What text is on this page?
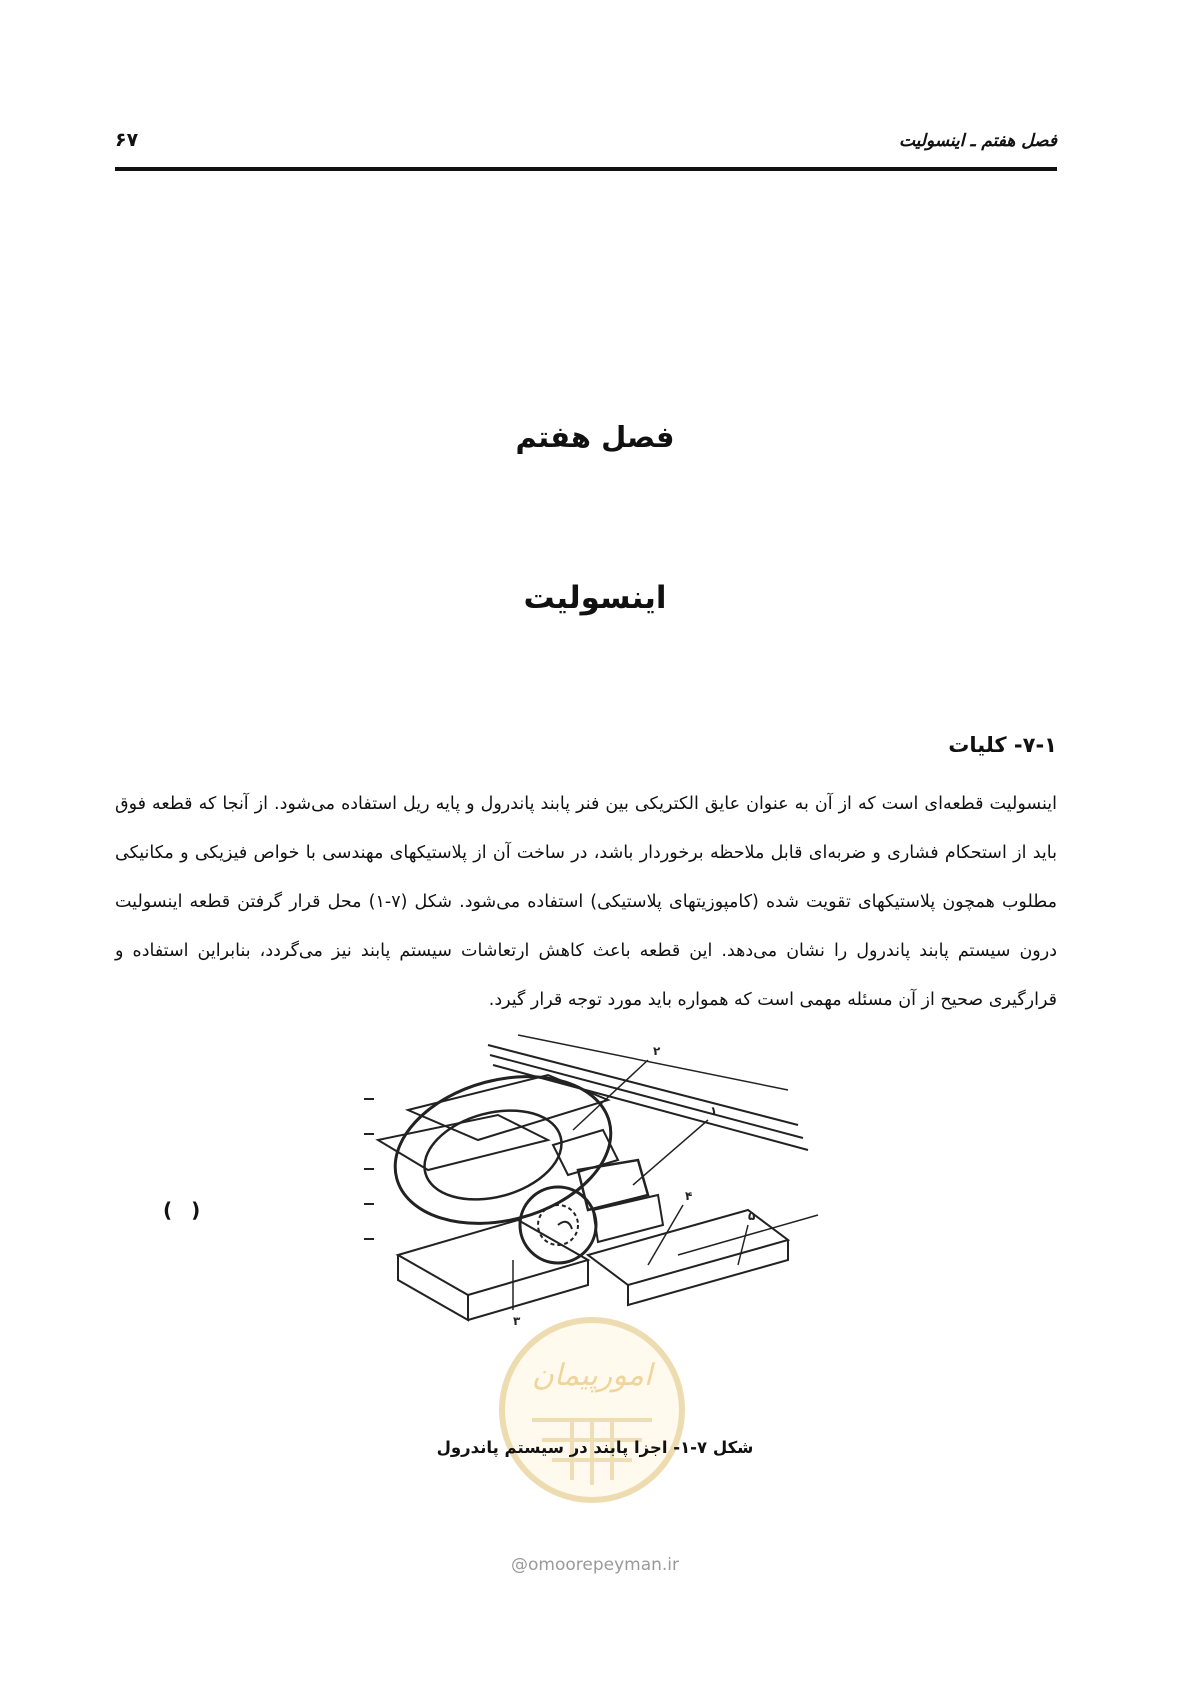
۶۷	فصل هفتم ـ اینسولیت
فصل هفتم
اینسولیت
۷-۱- کلیات
اینسولیت قطعه‌ای است که از آن به عنوان عایق الکتریکی بین فنر پابند پاندرول و پایه ریل استفاده می‌شود. از آنجا که قطعه فوق باید از استحکام فشاری و ضربه‌ای قابل ملاحظه برخوردار باشد، در ساخت آن از پلاستیکهای مهندسی با خواص فیزیکی و مکانیکی مطلوب همچون پلاستیکهای تقویت شده (کامپوزیتهای پلاستیکی) استفاده می‌شود. شکل (۷-۱) محل قرار گرفتن قطعه اینسولیت درون سیستم پابند پاندرول را نشان می‌دهد. این قطعه باعث کاهش ارتعاشات سیستم پابند نیز می‌گردد، بنابراین استفاده و قرارگیری صحیح از آن مسئله مهمی است که همواره باید مورد توجه قرار گیرد.
( )
۲
۱
۳
۴
۵
امورپیمان
شکل ۷-۱- اجزا پابند در سیستم پاندرول
@omoorepeyman.ir
